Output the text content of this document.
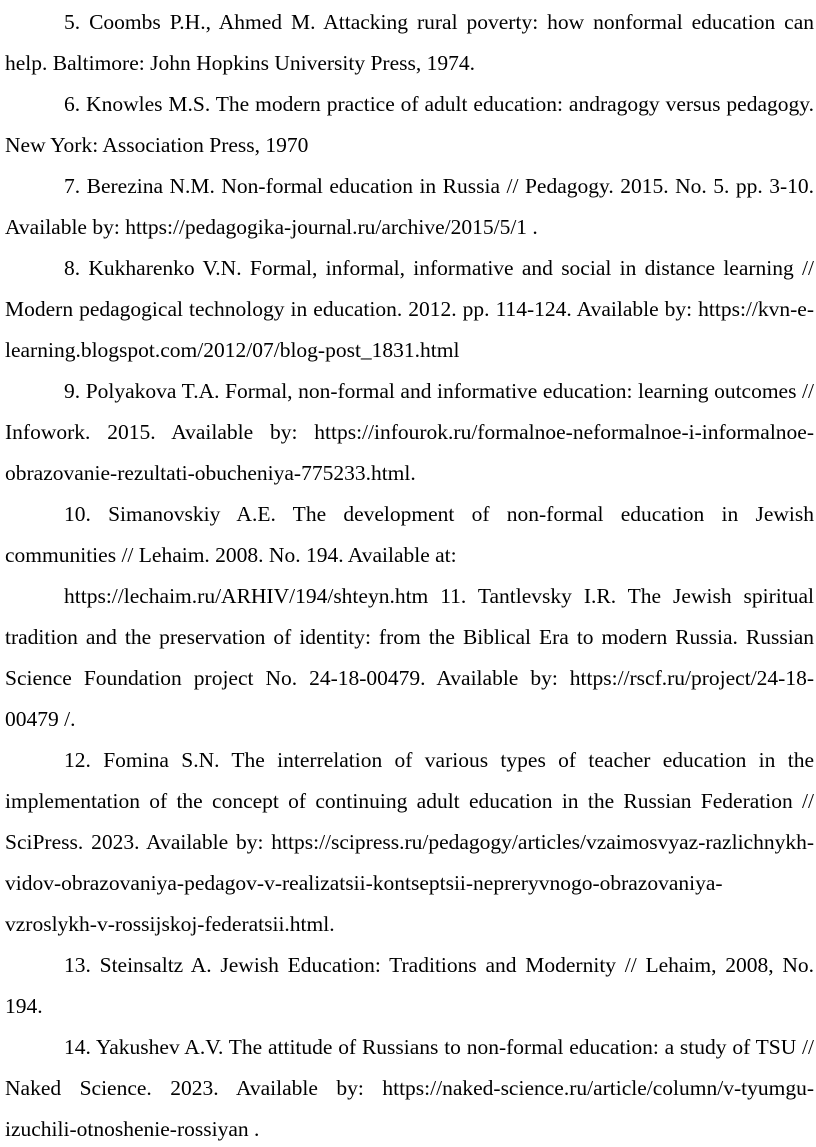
5. Coombs P.H., Ahmed M. Attacking rural poverty: how nonformal education can help. Baltimore: John Hopkins University Press, 1974.

6. Knowles M.S. The modern practice of adult education: andragogy versus pedagogy. New York: Association Press, 1970

7. Berezina N.M. Non-formal education in Russia // Pedagogy. 2015. No. 5. pp. 3-10. Available by: https://pedagogika-journal.ru/archive/2015/5/1 .

8. Kukharenko V.N. Formal, informal, informative and social in distance learning // Modern pedagogical technology in education. 2012. pp. 114-124. Available by: https://kvn-e-learning.blogspot.com/2012/07/blog-post_1831.html

9. Polyakova T.A. Formal, non-formal and informative education: learning outcomes // Infowork. 2015. Available by: https://infourok.ru/formalnoe-neformalnoe-i-informalnoe-obrazovanie-rezultati-obucheniya-775233.html.

10. Simanovskiy A.E. The development of non-formal education in Jewish communities // Lehaim. 2008. No. 194. Available at:

https://lechaim.ru/ARHIV/194/shteyn.htm 11. Tantlevsky I.R. The Jewish spiritual tradition and the preservation of identity: from the Biblical Era to modern Russia. Russian Science Foundation project No. 24-18-00479. Available by: https://rscf.ru/project/24-18-00479 /.

12. Fomina S.N. The interrelation of various types of teacher education in the implementation of the concept of continuing adult education in the Russian Federation // SciPress. 2023. Available by: https://scipress.ru/pedagogy/articles/vzaimosvyaz-razlichnykh-vidov-obrazovaniya-pedagov-v-realizatsii-kontseptsii-nepreryvnogo-obrazovaniya-vzroslykh-v-rossijskoj-federatsii.html.

13. Steinsaltz A. Jewish Education: Traditions and Modernity // Lehaim, 2008, No. 194.

14. Yakushev A.V. The attitude of Russians to non-formal education: a study of TSU // Naked Science. 2023. Available by: https://naked-science.ru/article/column/v-tyumgu-izuchili-otnoshenie-rossiyan .
